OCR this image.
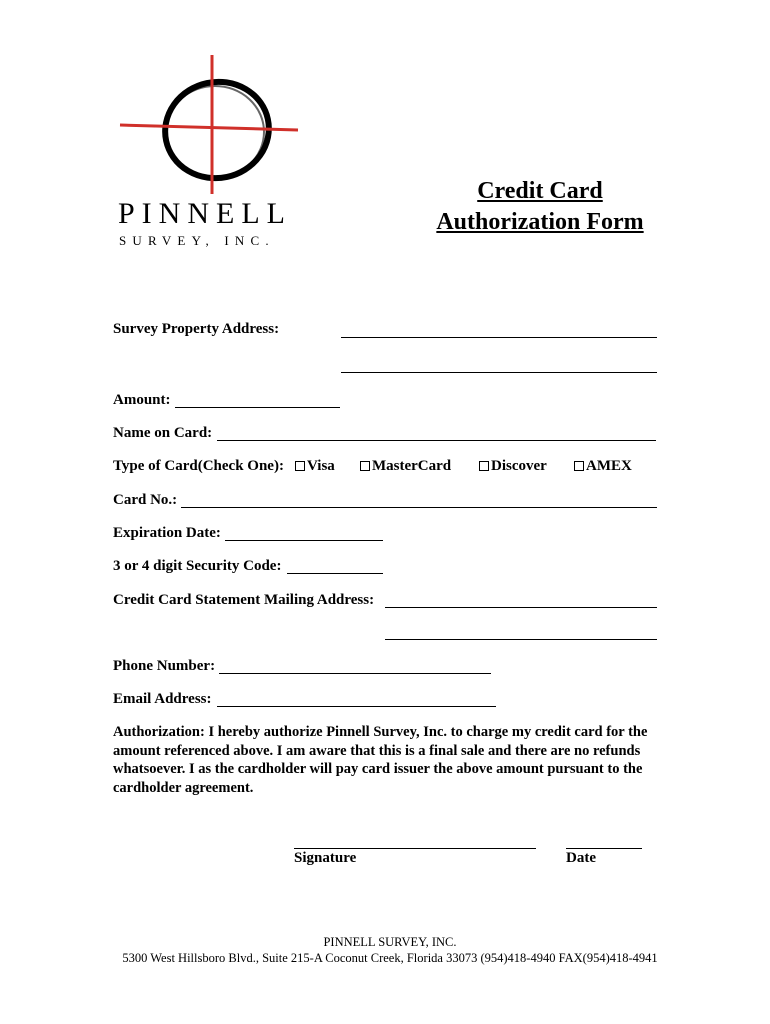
PINNELL
SURVEY, INC.
Credit Card
Authorization Form
Survey Property Address:
Amount:
Name on Card:
Type of Card(Check One):	Visa	MasterCard	Discover	AMEX
Card No.:
Expiration Date:
3 or 4 digit Security Code:
Credit Card Statement Mailing Address:
Phone Number:
Email Address:
Authorization: I hereby authorize Pinnell Survey, Inc. to charge my credit card for the amount referenced above. I am aware that this is a final sale and there are no refunds whatsoever. I as the cardholder will pay card issuer the above amount pursuant to the cardholder agreement.
Signature	Date
PINNELL SURVEY, INC.
5300 West Hillsboro Blvd., Suite 215-A Coconut Creek, Florida 33073 (954)418-4940 FAX(954)418-4941
